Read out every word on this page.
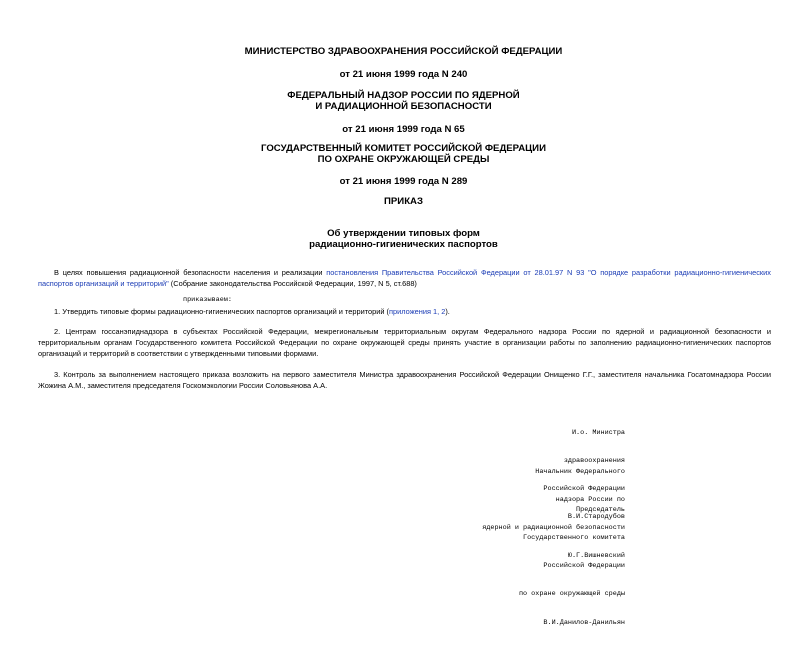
МИНИСТЕРСТВО ЗДРАВООХРАНЕНИЯ РОССИЙСКОЙ ФЕДЕРАЦИИ

от 21 июня 1999 года N 240

ФЕДЕРАЛЬНЫЙ НАДЗОР РОССИИ ПО ЯДЕРНОЙ

И РАДИАЦИОННОЙ БЕЗОПАСНОСТИ

от 21 июня 1999 года N 65

ГОСУДАРСТВЕННЫЙ КОМИТЕТ РОССИЙСКОЙ ФЕДЕРАЦИИ

ПО ОХРАНЕ ОКРУЖАЮЩЕЙ СРЕДЫ

от 21 июня 1999 года N 289

ПРИКАЗ

Об утверждении типовых форм

радиационно-гигиенических паспортов

В целях повышения радиационной безопасности населения и реализации постановления Правительства Российской Федерации от 28.01.97 N 93 "О порядке разработки радиационно-гигиенических паспортов организаций и территорий" (Собрание законодательства Российской Федерации, 1997, N 5, ст.688)

приказываем:

1. Утвердить типовые формы радиационно-гигиенических паспортов организаций и территорий (приложения 1, 2).

2. Центрам госсанэпиднадзора в субъектах Российской Федерации, межрегиональным территориальным округам Федерального надзора России по ядерной и радиационной безопасности и территориальным органам Государственного комитета Российской Федерации по охране окружающей среды принять участие в организации работы по заполнению радиационно-гигиенических паспортов организаций и территорий в соответствии с утвержденными типовыми формами.

3. Контроль за выполнением настоящего приказа возложить на первого заместителя Министра здравоохранения Российской Федерации Онищенко Г.Г., заместителя начальника Госатомнадзора России Жожина А.М., заместителя председателя Госкомэкологии России Соловьянова А.А.

И.о. Министра

здравоохранения

Российской Федерации

В.И.Стародубов

Начальник Федерального

надзора России по

ядерной и радиационной безопасности

Ю.Г.Вишневский

Председатель

Государственного комитета

Российской Федерации

по охране окружающей среды

В.И.Данилов-Данильян
